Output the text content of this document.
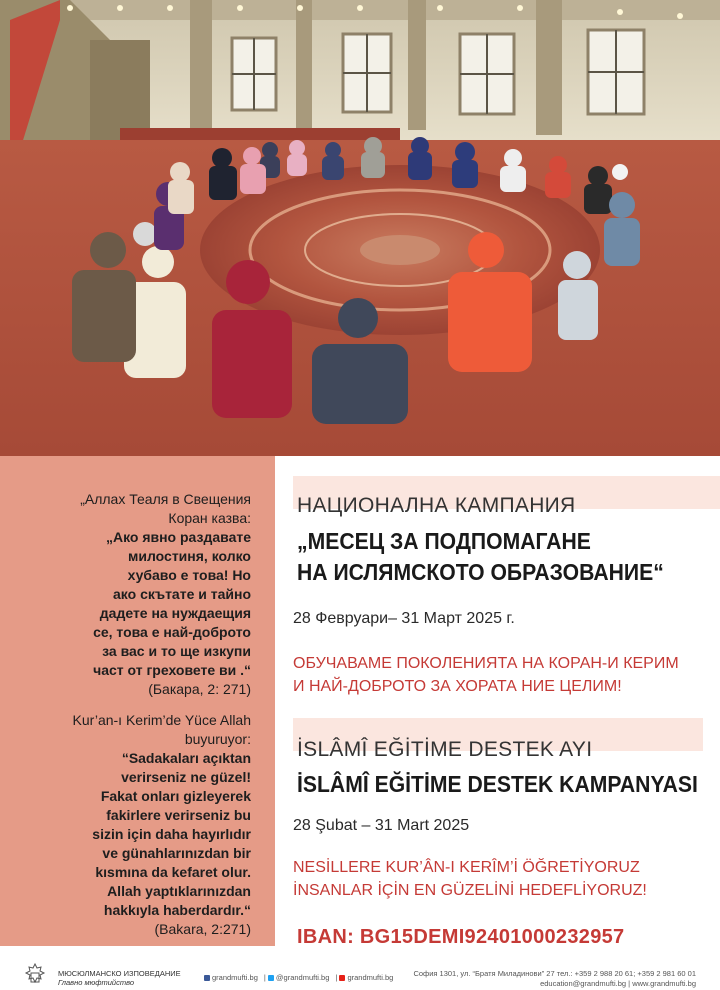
„Аллах Теаля в Свещения

Коран казва:

„Ако явно раздавате

милостиня, колко

хубаво е това! Но

ако скътате и тайно

дадете на нуждаещия

се, това е най-доброто

за вас и то ще изкупи

част от греховете ви .“

(Бакара, 2: 271)

Kur’an-ı Kerim’de Yüce Allah

buyuruyor:

“Sadakaları açıktan

verirseniz ne güzel!

Fakat onları gizleyerek

fakirlere verirseniz bu

sizin için daha hayırlıdır

ve günahlarınızdan bir

kısmına da kefaret olur.

Allah yaptıklarınızdan

hakkıyla haberdardır.“

(Bakara, 2:271)

НАЦИОНАЛНА КАМПАНИЯ
„МЕСЕЦ ЗА ПОДПОМАГАНЕ
НА ИСЛЯМСКОТО ОБРАЗОВАНИЕ“
28 Февруари– 31 Март 2025 г.
ОБУЧАВАМЕ ПОКОЛЕНИЯТА НА КОРАН-И КЕРИМ
И НАЙ-ДОБРОТО ЗА ХОРАТА НИЕ ЦЕЛИМ!
İSLÂMÎ EĞİTİME DESTEK AYI
İSLÂMÎ EĞİTİME DESTEK KAMPANYASI
28 Şubat – 31 Mart 2025
NESİLLERE KUR’ÂN-I KERÎM’İ ÖĞRETİYORUZ
İNSANLAR İÇİN EN GÜZELİNİ HEDEFLİYORUZ!
IBAN: BG15DEMI92401000232957
МЮСЮЛМАНСКО ИЗПОВЕДАНИЕ
Главно мюфтийство
grandmufti.bg | @grandmufti.bg | grandmufti.bg	София 1301, ул. “Братя Миладинови” 27 тел.: +359 2 988 20 61; +359 2 981 60 01
education@grandmufti.bg | www.grandmufti.bg
